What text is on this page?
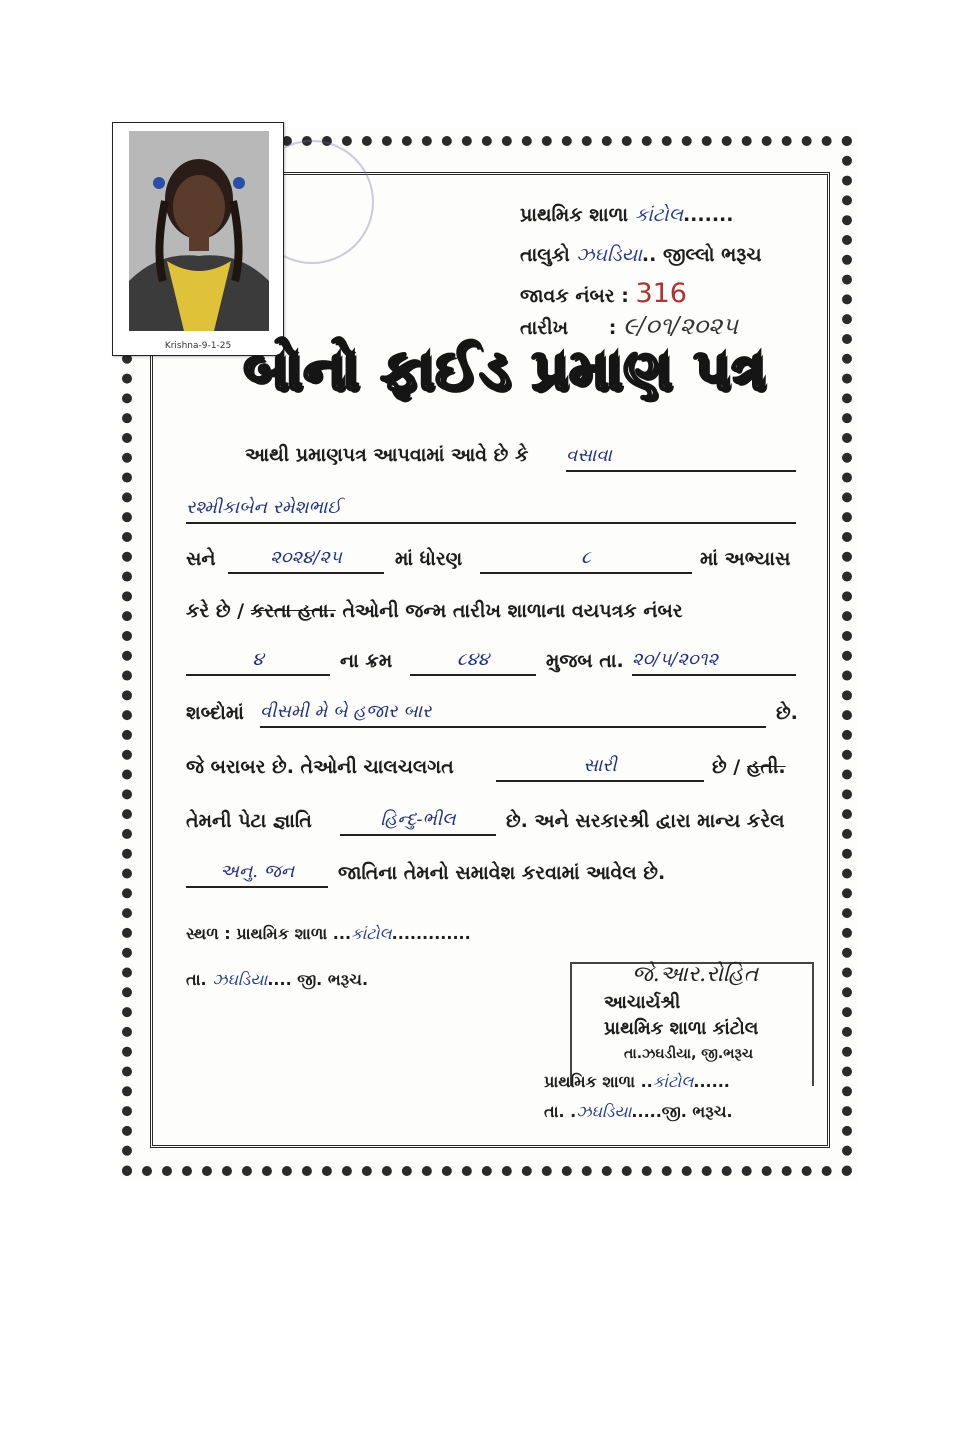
Krishna-9-1-25
પ્રાથમિક શાળા કાંટોલ.......
તાલુકો ઝઘડિયા.. જીલ્લો ભરૂચ
જાવક નંબર : 316
તારીખ : ૯/૦૧/૨૦૨૫
બોનો ફાઈડ પ્રમાણ પત્ર
આથી પ્રમાણપત્ર આપવામાં આવે છે કે વસાવા
રશ્મીકાબેન રમેશભાઈ
સને	૨૦૨૪/૨૫	માં ધોરણ	૮	માં અભ્યાસ
કરે છે / કરતા હતા. તેઓની જન્મ તારીખ શાળાના વયપત્રક નંબર
૪	ના ક્રમ	૮૪૪	મુજબ તા. ૨૦/૫/૨૦૧૨
શબ્દોમાં વીસમી મે બે હજાર બાર	છે.
જે બરાબર છે. તેઓની ચાલચલગત	સારી	છે / હતી.
તેમની પેટા જ્ઞાતિ	હિન્દુ-ભીલ	છે. અને સરકારશ્રી દ્વારા માન્ય કરેલ
અનુ. જન	જાતિના તેમનો સમાવેશ કરવામાં આવેલ છે.
સ્થળ : પ્રાથમિક શાળા ...કાંટોલ.............
તા. ઝઘડિયા.... જી. ભરૂચ.	જે.આર.રોહિત
આચાર્યશ્રી
પ્રાથમિક શાળા કાંટોલ
તા.ઝઘડીયા, જી.ભરૂચ
પ્રાથમિક શાળા ..કાંટોલ......
તા. .ઝઘડિયા.....જી. ભરૂચ.
